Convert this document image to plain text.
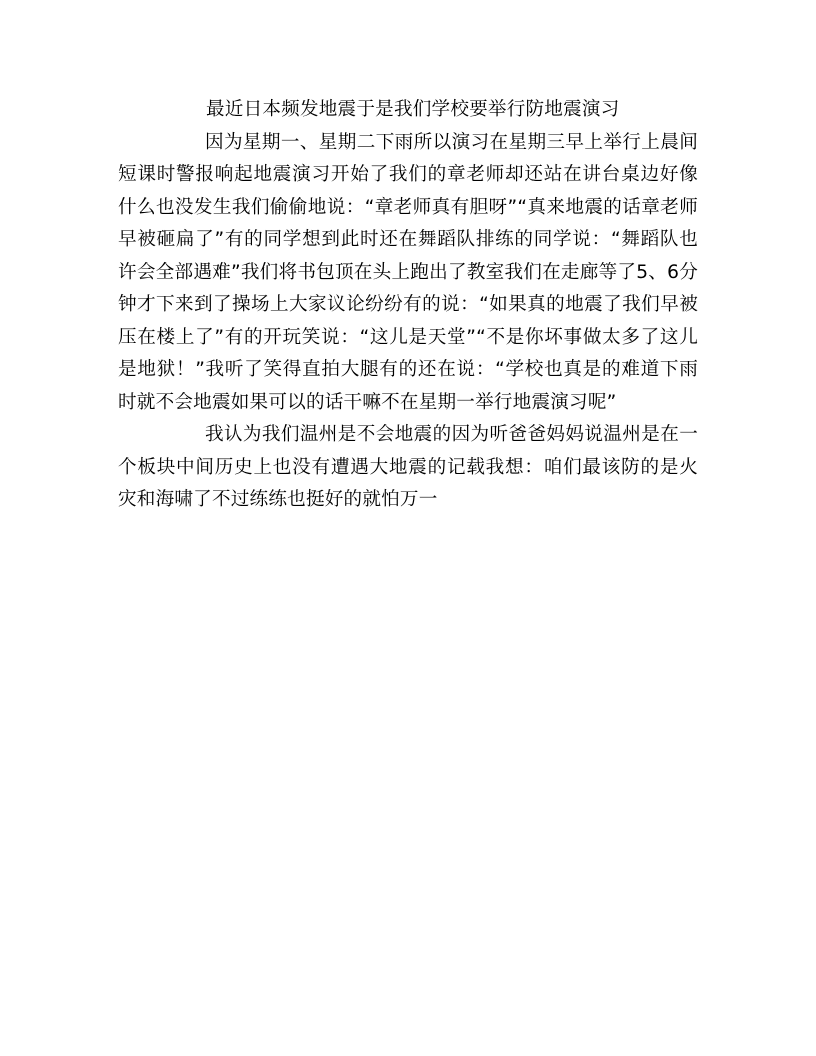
最近日本频发地震于是我们学校要举行防地震演习

因为星期一、星期二下雨所以演习在星期三早上举行上晨间短课时警报响起地震演习开始了我们的章老师却还站在讲台桌边好像什么也没发生我们偷偷地说：“章老师真有胆呀”“真来地震的话章老师早被砸扁了”有的同学想到此时还在舞蹈队排练的同学说：“舞蹈队也许会全部遇难”我们将书包顶在头上跑出了教室我们在走廊等了5、6分钟才下来到了操场上大家议论纷纷有的说：“如果真的地震了我们早被压在楼上了”有的开玩笑说：“这儿是天堂”“不是你坏事做太多了这儿是地狱！”我听了笑得直拍大腿有的还在说：“学校也真是的难道下雨时就不会地震如果可以的话干嘛不在星期一举行地震演习呢”

我认为我们温州是不会地震的因为听爸爸妈妈说温州是在一个板块中间历史上也没有遭遇大地震的记载我想：咱们最该防的是火灾和海啸了不过练练也挺好的就怕万一
